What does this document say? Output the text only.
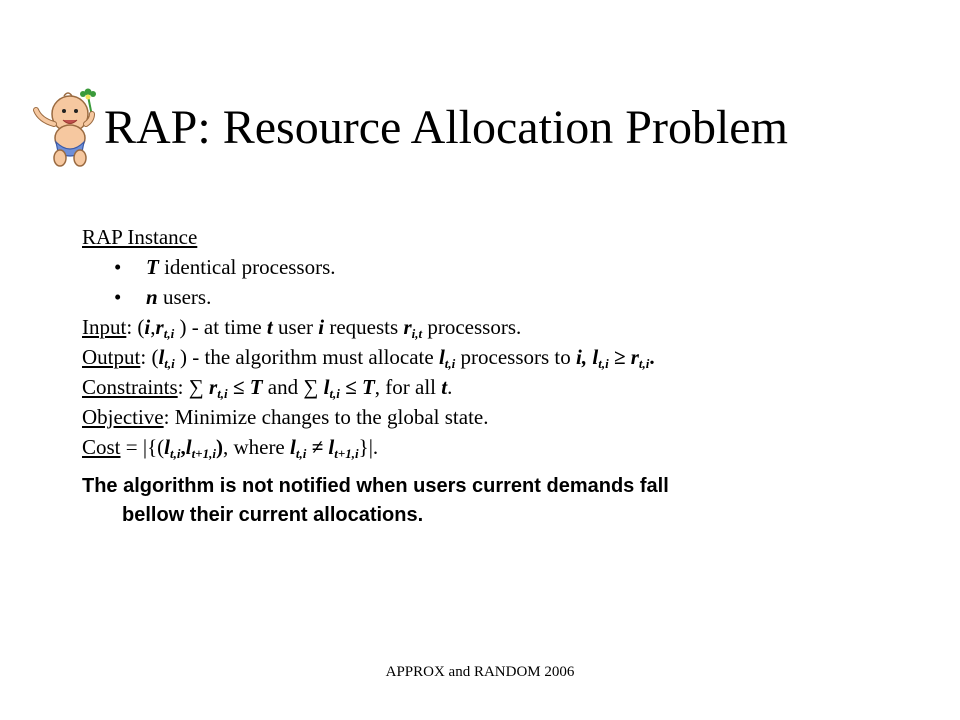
RAP: Resource Allocation Problem
RAP Instance
• T identical processors.
• n users.
Input: ($i,r_{t,i}$ ) - at time t user i requests $r_{i,t}$ processors.
Output: ($l_{t,i}$ ) - the algorithm must allocate $l_{t,i}$ processors to i, $l_{t,i} \ge r_{t,i}$.
Constraints: ∑ $r_{t,i} \le T$ and ∑ $l_{t,i} \le T$, for all t.
Objective: Minimize changes to the global state.
Cost = $|\{(l_{t,i},l_{t+1,i})$, where $l_{t,i} \ne l_{t+1,i}\}|$.
The algorithm is not notified when users current demands fall
bellow their current allocations.
APPROX and RANDOM 2006
